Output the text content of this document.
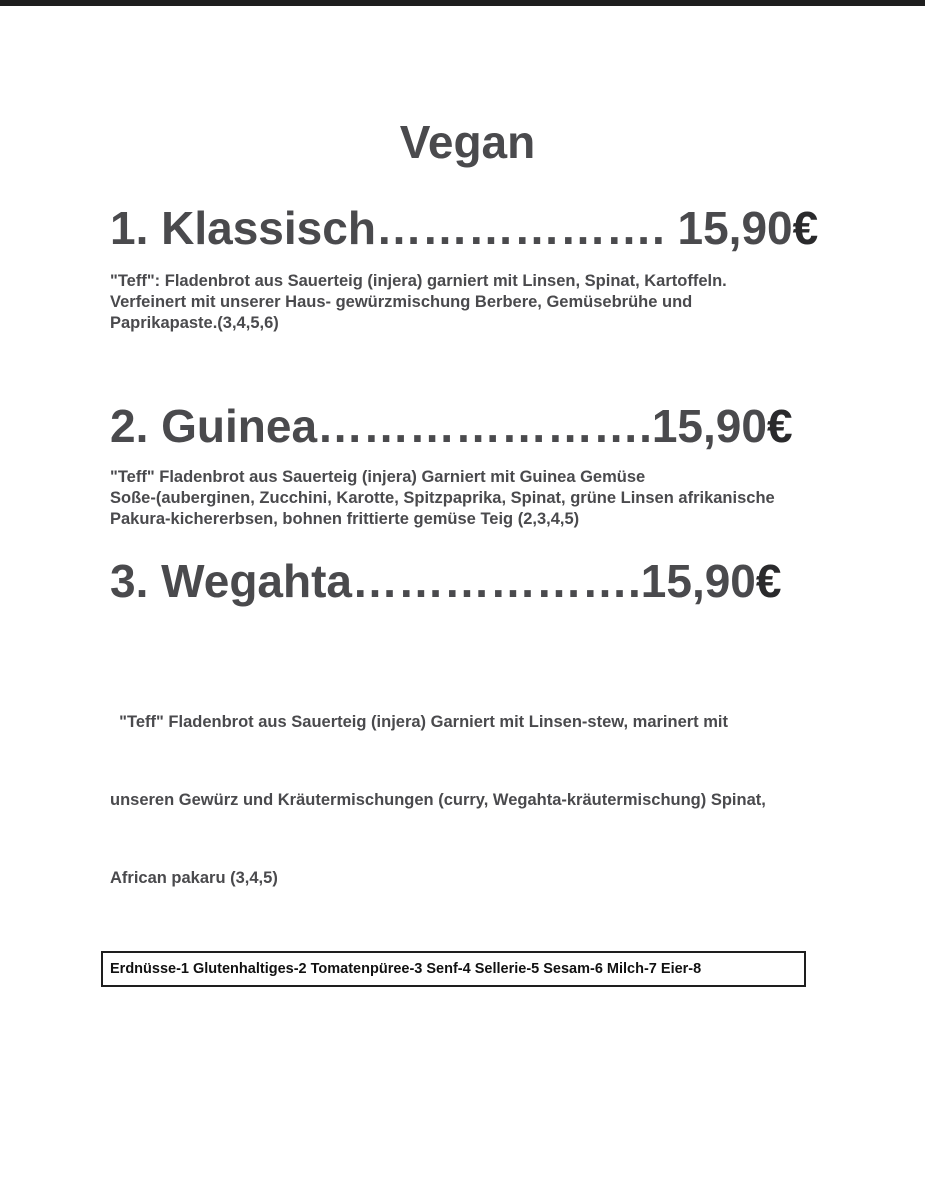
Vegan
1. Klassisch………………. 15,90€
"Teff": Fladenbrot aus Sauerteig (injera) garniert mit Linsen, Spinat, Kartoffeln.
Verfeinert mit unserer Haus- gewürzmischung Berbere, Gemüsebrühe und
Paprikapaste.(3,4,5,6)
2. Guinea………………….15,90€
"Teff" Fladenbrot aus Sauerteig (injera) Garniert mit Guinea Gemüse
Soße-(auberginen, Zucchini, Karotte, Spitzpaprika, Spinat, grüne Linsen afrikanische
Pakura-kichererbsen, bohnen frittierte gemüse Teig (2,3,4,5)
3. Wegahta……………….15,90€

"Teff" Fladenbrot aus Sauerteig (injera) Garniert mit Linsen-stew, marinert mit

unseren Gewürz und Kräutermischungen (curry, Wegahta-kräutermischung) Spinat,

African pakaru (3,4,5)

Erdnüsse-1 Glutenhaltiges-2 Tomatenpüree-3 Senf-4 Sellerie-5 Sesam-6 Milch-7 Eier-8
